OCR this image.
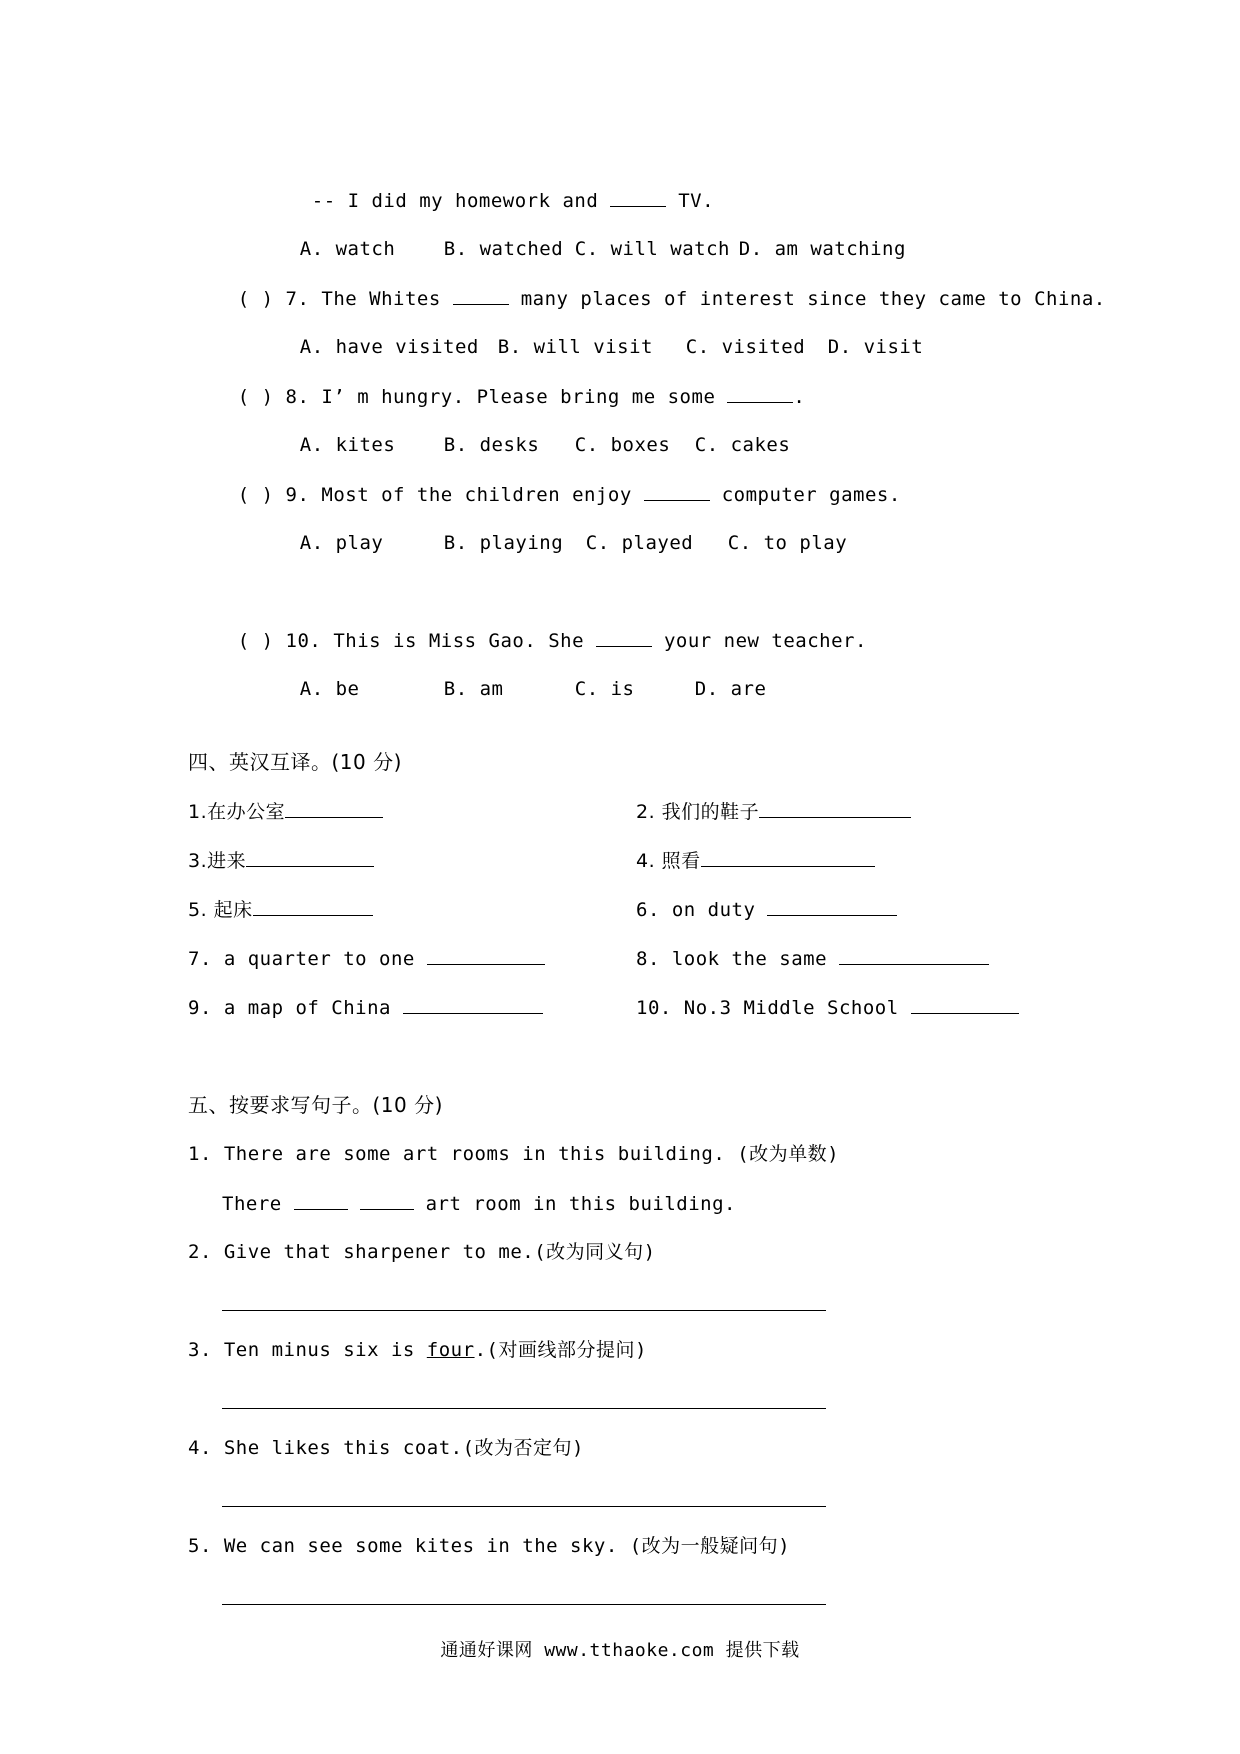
-- I did my homework and	TV.

A. watch	B. watched C. will watch D. am watching

( ) 7. The Whites	many places of interest since they came to China.

A. have visited B. will visit C. visited D. visit

( ) 8. I’ m hungry. Please bring me some	.

A. kites	B. desks C. boxes C. cakes

( ) 9. Most of the children enjoy	computer games.

A. play	B. playing C. played C. to play

( ) 10. This is Miss Gao. She	your new teacher.

A. be	B. am	C. is	D. are

四、英汉互译。(10 分)
1.在办公室	2. 我们的鞋子
3.进来	4. 照看
5. 起床	6. on duty
7. a quarter to one	8. look the same
9. a map of China	10. No.3 Middle School
五、按要求写句子。(10 分)
1. There are some art rooms in this building. (改为单数)
There	art room in this building.
2. Give that sharpener to me.(改为同义句)
3. Ten minus six is four.(对画线部分提问)
4. She likes this coat.(改为否定句)
5. We can see some kites in the sky. (改为一般疑问句)
通通好课网 www.tthaoke.com 提供下载
